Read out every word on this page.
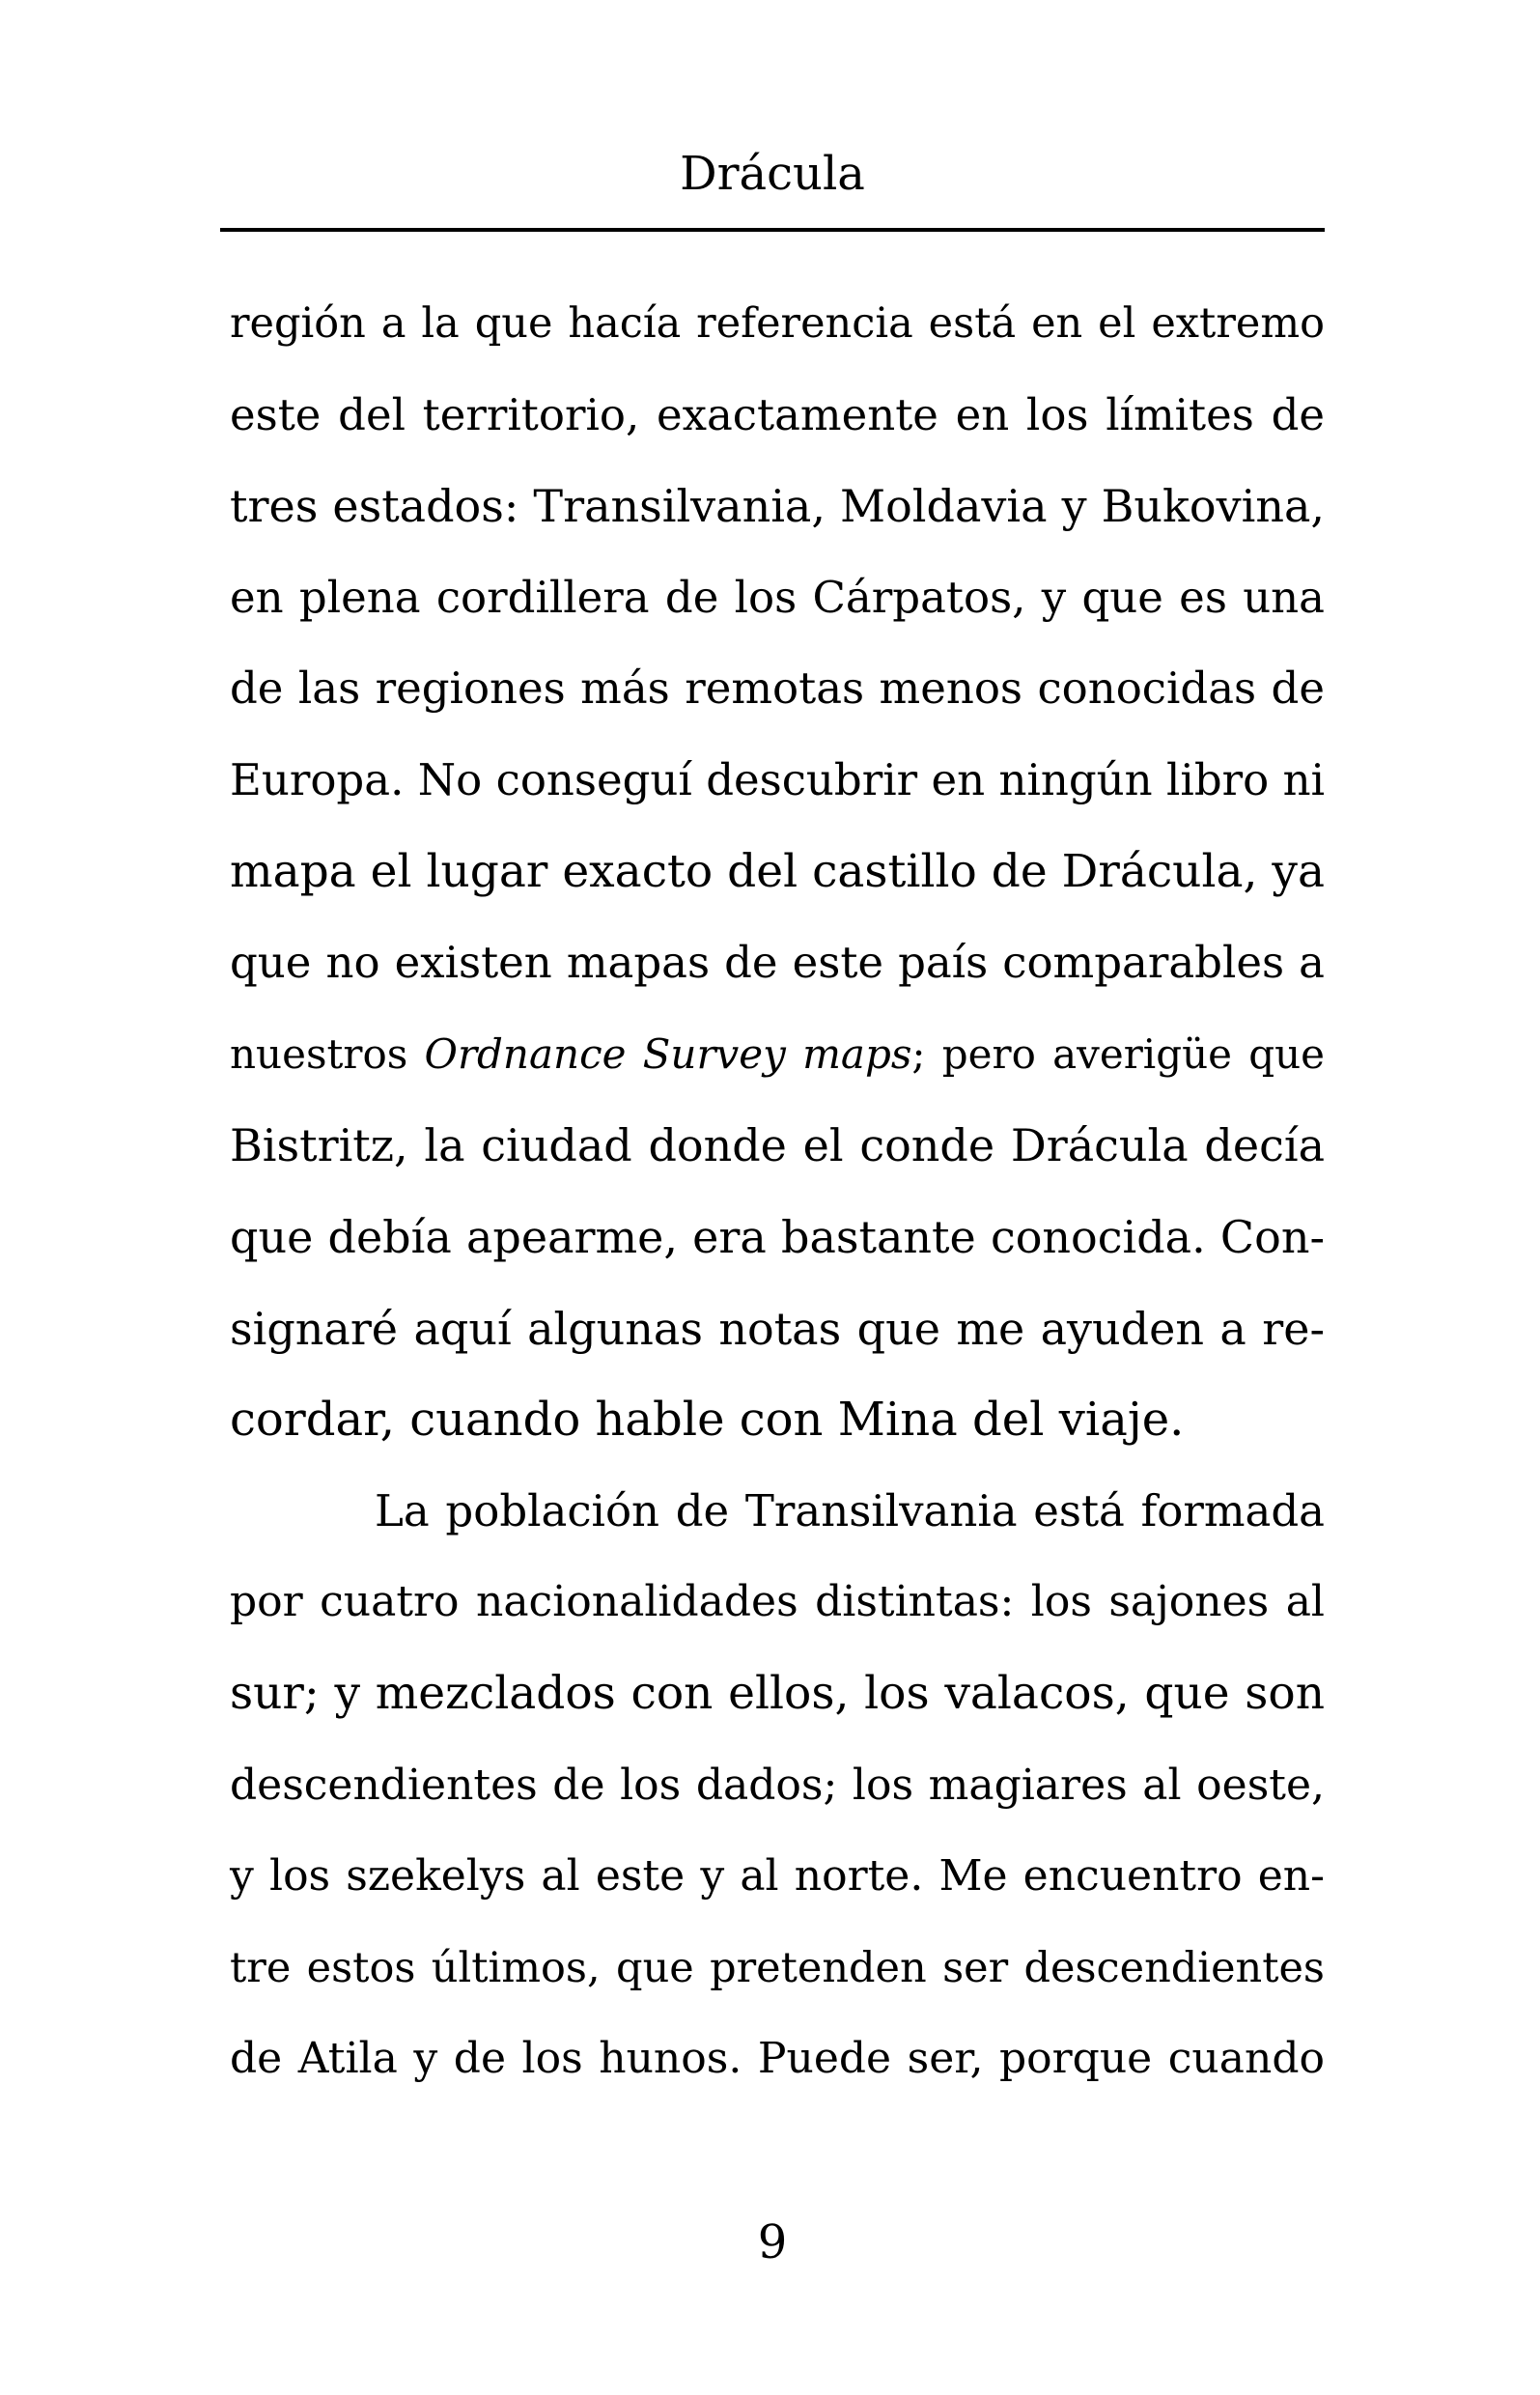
Drácula
región a la que hacía referencia está en el extremo
este del territorio, exactamente en los límites de
tres estados: Transilvania, Moldavia y Bukovina,
en plena cordillera de los Cárpatos, y que es una
de las regiones más remotas menos conocidas de
Europa. No conseguí descubrir en ningún libro ni
mapa el lugar exacto del castillo de Drácula, ya
que no existen mapas de este país comparables a
nuestros Ordnance Survey maps; pero averigüe que
Bistritz, la ciudad donde el conde Drácula decía
que debía apearme, era bastante conocida. Con-
signaré aquí algunas notas que me ayuden a re-
cordar, cuando hable con Mina del viaje.
La población de Transilvania está formada
por cuatro nacionalidades distintas: los sajones al
sur; y mezclados con ellos, los valacos, que son
descendientes de los dados; los magiares al oeste,
y los szekelys al este y al norte. Me encuentro en-
tre estos últimos, que pretenden ser descendientes
de Atila y de los hunos. Puede ser, porque cuando
9
